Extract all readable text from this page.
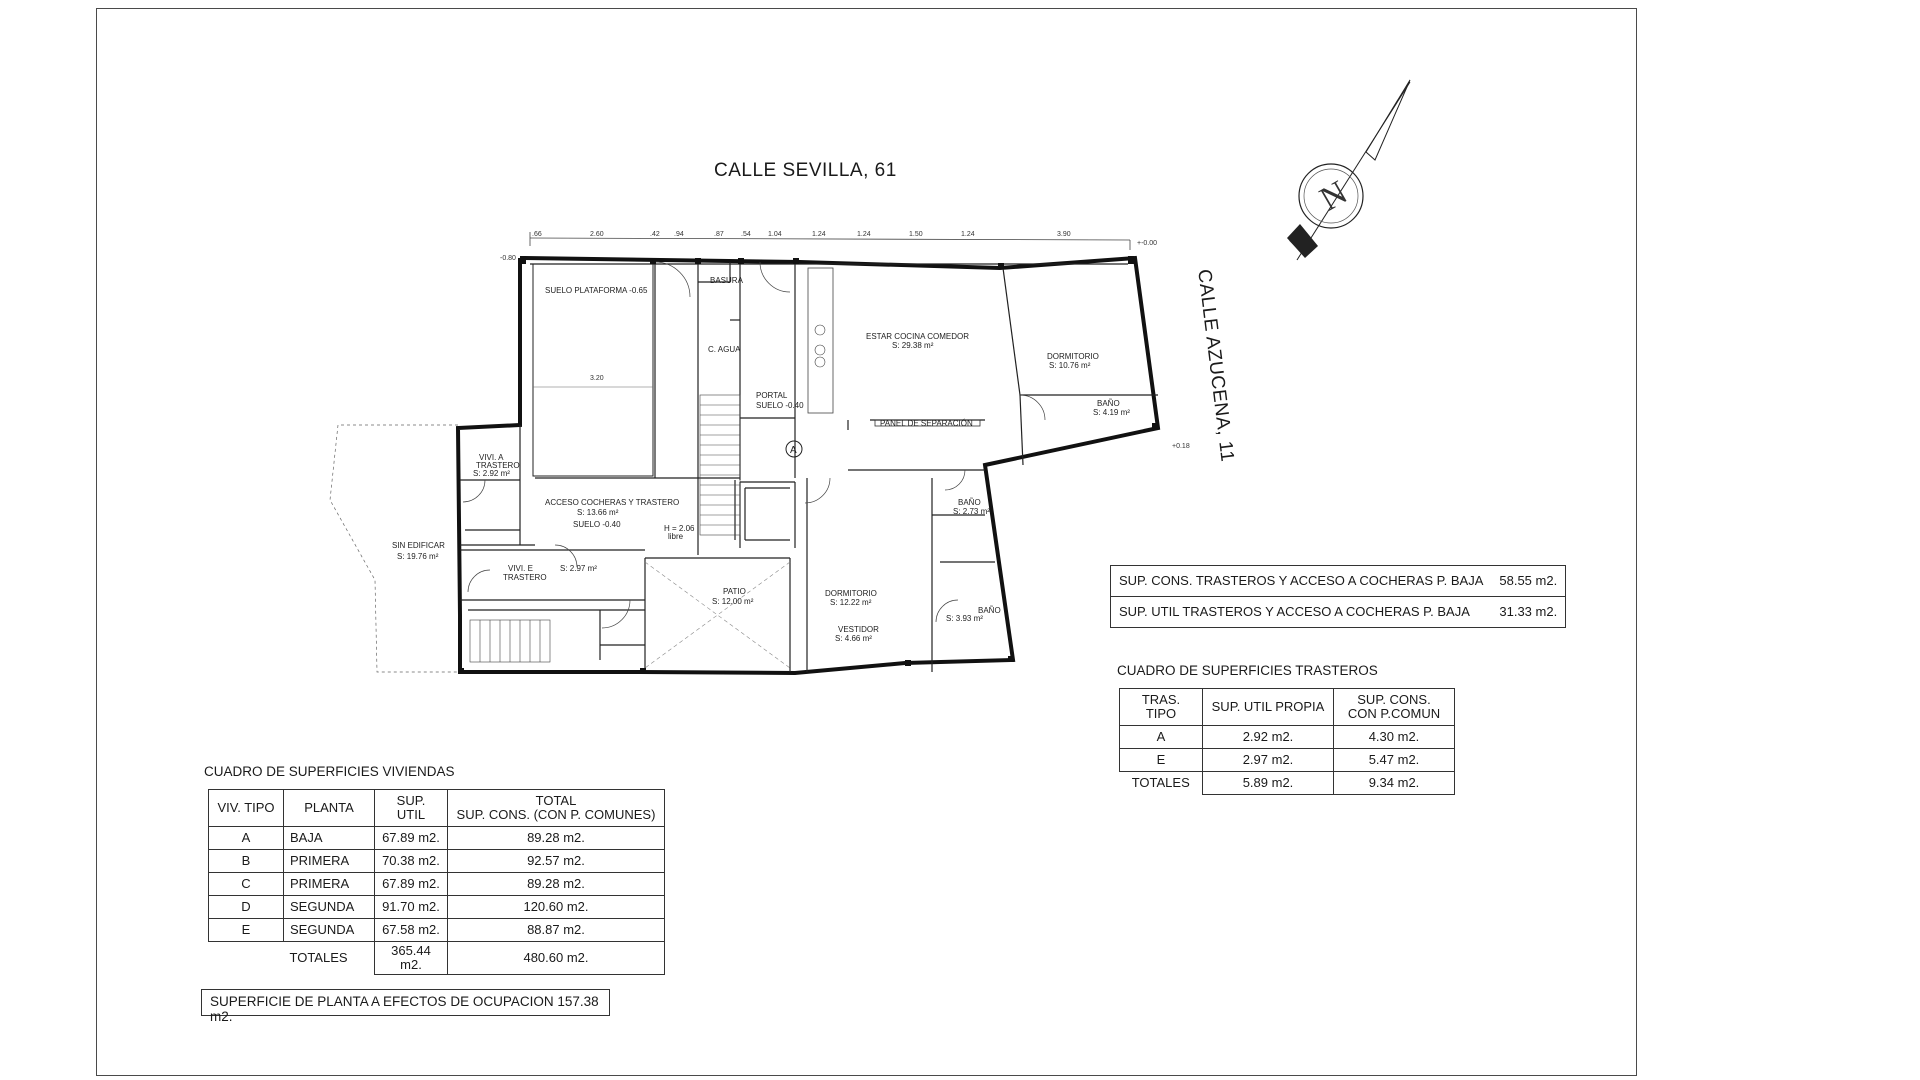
CALLE SEVILLA, 61
CALLE AZUCENA, 11
N
.66	2.60	.42 .94	.87 .54 1.04	1.24	1.24	1.50	1.24	3.90
-0.80
+-0.00
+0.18
3.20
A
SUELO PLATAFORMA -0.65
SIN EDIFICAR
S: 19.76 m²
ESTAR COCINA COMEDOR
S: 29.38 m²
DORMITORIO
S: 10.76 m²
BAÑO
S: 4.19 m²
PORTAL
SUELO -0.40
PANEL DE SEPARACIÓN
ACCESO COCHERAS Y TRASTERO
S: 13.66 m²
SUELO -0.40	H = 2.06
libre
VIVI. A
TRASTERO
S: 2.92 m²
VIVI. E
TRASTERO
S: 2.97 m²
PATIO
S: 12.00 m²
DORMITORIO
S: 12.22 m²
VESTIDOR
S: 4.66 m²
BAÑO
S: 2.73 m²
BAÑO
S: 3.93 m²
BASURA
C. AGUA
SUP. CONS. TRASTEROS Y ACCESO A COCHERAS P. BAJA	58.55 m2.
SUP. UTIL TRASTEROS Y ACCESO A COCHERAS P. BAJA	31.33 m2.
CUADRO DE SUPERFICIES TRASTEROS
TRAS. TIPO	SUP. UTIL PROPIA	SUP. CONS.
CON P.COMUN
A	2.92 m2.	4.30 m2.
E	2.97 m2.	5.47 m2.
TOTALES	5.89 m2.	9.34 m2.
CUADRO DE SUPERFICIES VIVIENDAS
VIV. TIPO	PLANTA	SUP. UTIL	TOTAL
SUP. CONS. (CON P. COMUNES)
A	BAJA	67.89 m2.	89.28 m2.
B	PRIMERA	70.38 m2.	92.57 m2.
C	PRIMERA	67.89 m2.	89.28 m2.
D	SEGUNDA	91.70 m2.	120.60 m2.
E	SEGUNDA	67.58 m2.	88.87 m2.
	TOTALES	365.44 m2.	480.60 m2.
SUPERFICIE DE PLANTA A EFECTOS DE OCUPACION 157.38 m2.
